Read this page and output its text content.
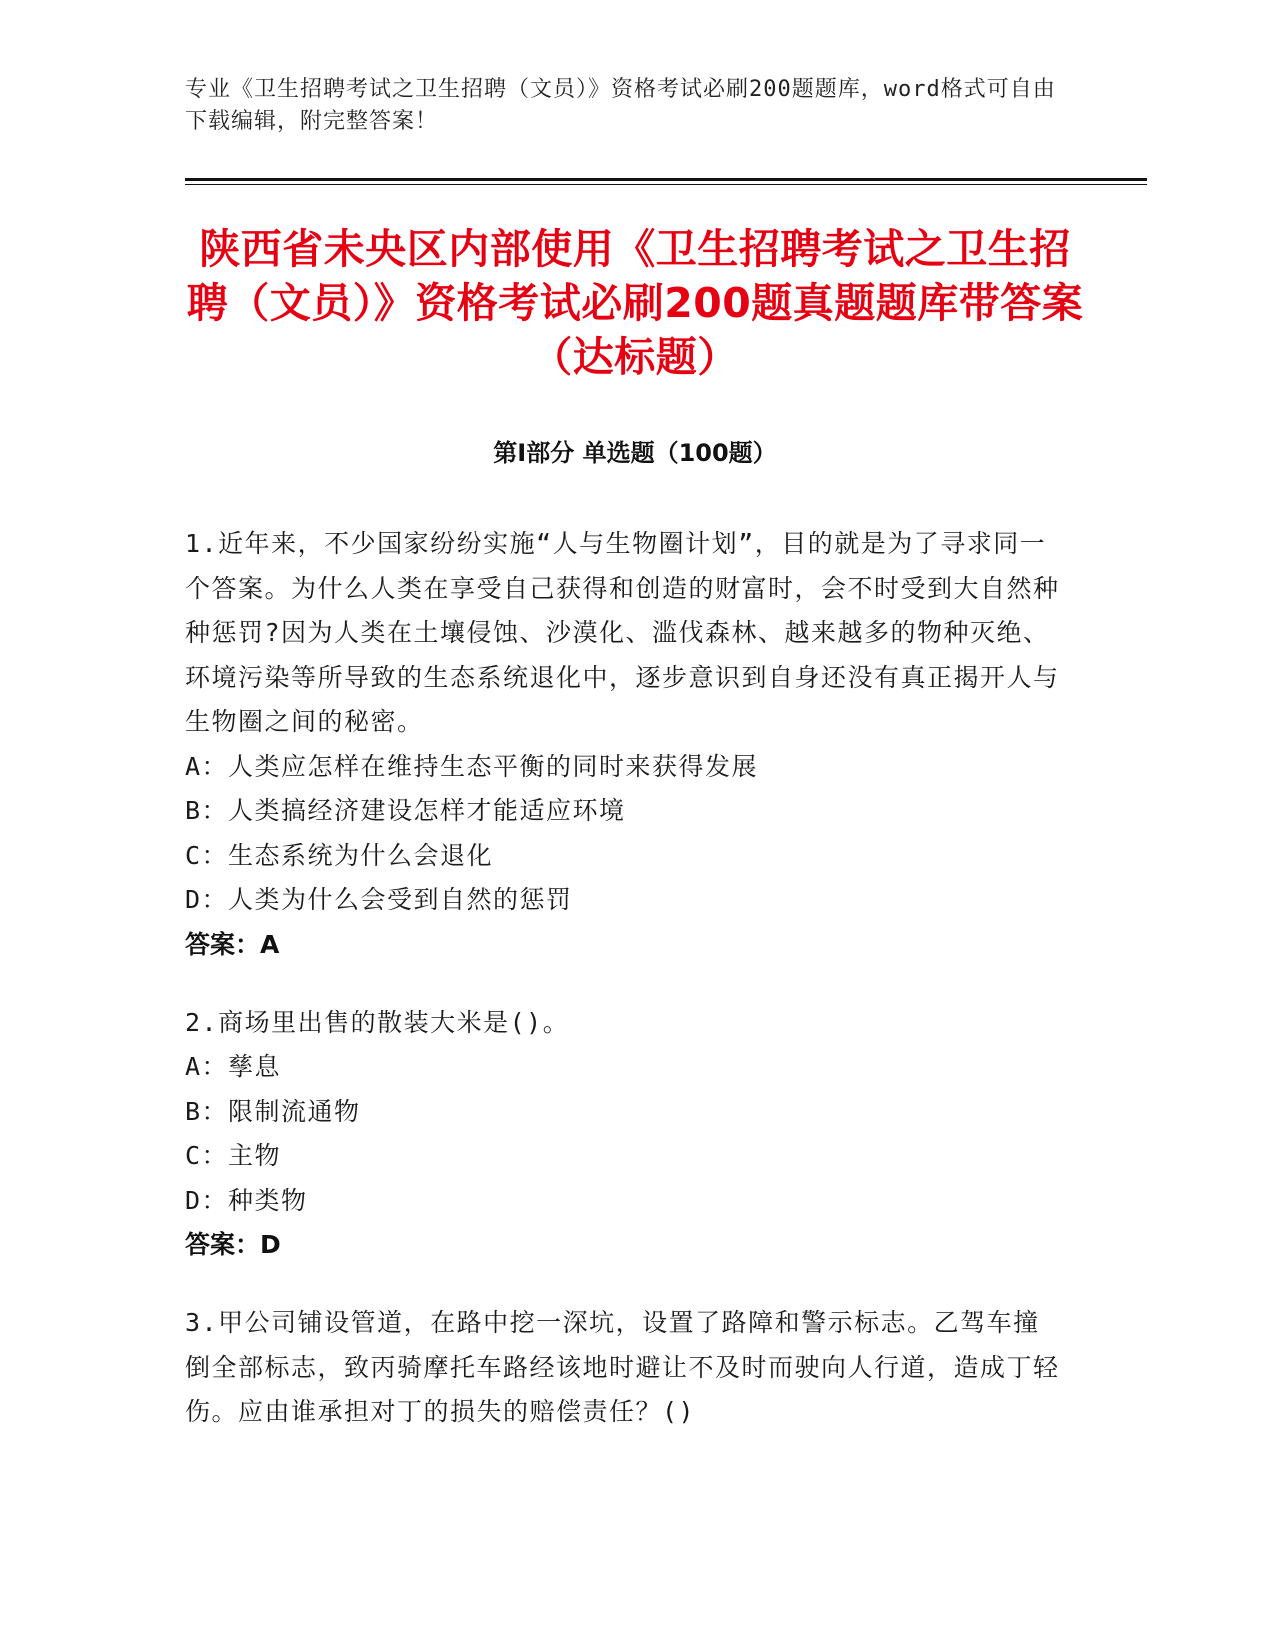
专业《卫生招聘考试之卫生招聘（文员）》资格考试必刷200题题库，word格式可自由下载编辑，附完整答案！
陕西省未央区内部使用《卫生招聘考试之卫生招聘（文员）》资格考试必刷200题真题题库带答案（达标题）
第I部分 单选题（100题）

1.近年来，不少国家纷纷实施“人与生物圈计划”，目的就是为了寻求同一个答案。为什么人类在享受自己获得和创造的财富时，会不时受到大自然种种惩罚?因为人类在土壤侵蚀、沙漠化、滥伐森林、越来越多的物种灭绝、环境污染等所导致的生态系统退化中，逐步意识到自身还没有真正揭开人与生物圈之间的秘密。

A：人类应怎样在维持生态平衡的同时来获得发展

B：人类搞经济建设怎样才能适应环境

C：生态系统为什么会退化

D：人类为什么会受到自然的惩罚

答案：A

2.商场里出售的散装大米是()。

A：孳息

B：限制流通物

C：主物

D：种类物

答案：D

3.甲公司铺设管道，在路中挖一深坑，设置了路障和警示标志。乙驾车撞倒全部标志，致丙骑摩托车路经该地时避让不及时而驶向人行道，造成丁轻伤。应由谁承担对丁的损失的赔偿责任？()
